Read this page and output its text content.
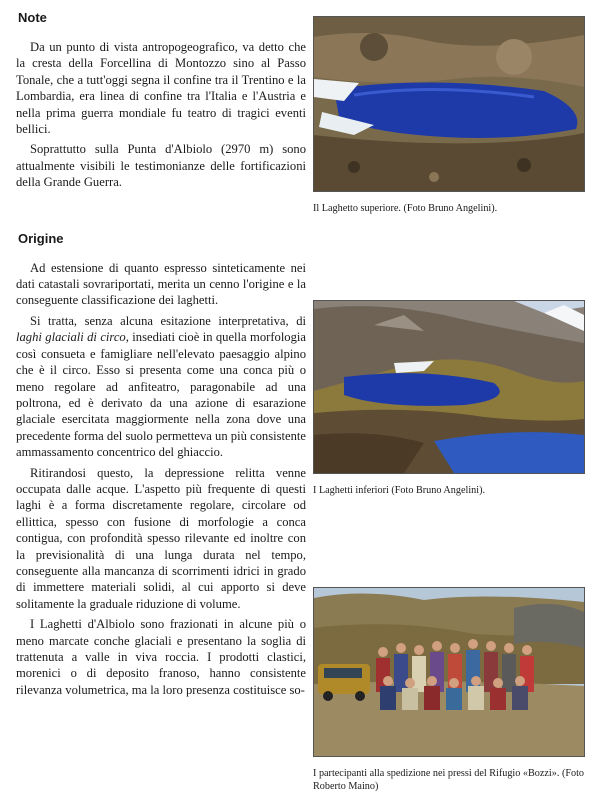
Note

Da un punto di vista antropogeografico, va detto che la cresta della Forcellina di Montozzo sino al Passo Tonale, che a tutt'oggi segna il confine tra il Trentino e la Lombardia, era linea di confine tra l'Italia e l'Austria e nella prima guerra mondiale fu teatro di tragici eventi bellici.

Soprattutto sulla Punta d'Albiolo (2970 m) sono attualmente visibili le testimonianze delle fortificazioni della Grande Guerra.

Origine

Ad estensione di quanto espresso sinteticamente nei dati catastali sovrariportati, merita un cenno l'origine e la conseguente classificazione dei laghetti.

Si tratta, senza alcuna esitazione interpretativa, di laghi glaciali di circo, insediati cioè in quella morfologia così consueta e famigliare nell'elevato paesaggio alpino che è il circo. Esso si presenta come una conca più o meno regolare ad anfiteatro, paragonabile ad una poltrona, ed è derivato da una azione di esarazione glaciale esercitata maggiormente nella zona dove una precedente forma del suolo permetteva un più consistente ammassamento concentrico del ghiaccio.

Ritirandosi questo, la depressione relitta venne occupata dalle acque. L'aspetto più frequente di questi laghi è a forma discretamente regolare, circolare od ellittica, spesso con fusione di morfologie a conca contigua, con profondità spesso rilevante ed inoltre con la previsionalità di una lunga durata nel tempo, conseguente alla mancanza di scorrimenti idrici in grado di immettere materiali solidi, al cui apporto si deve solitamente la graduale riduzione di volume.

I Laghetti d'Albiolo sono frazionati in alcune più o meno marcate conche glaciali e presentano la soglia di trattenuta a valle in viva roccia. I prodotti clastici, morenici o di deposito franoso, hanno consistente rilevanza volumetrica, ma la loro presenza costituisce so-

Il Laghetto superiore. (Foto Bruno Angelini).
I Laghetti inferiori (Foto Bruno Angelini).
I partecipanti alla spedizione nei pressi del Rifugio «Bozzi». (Foto Roberto Maino)
